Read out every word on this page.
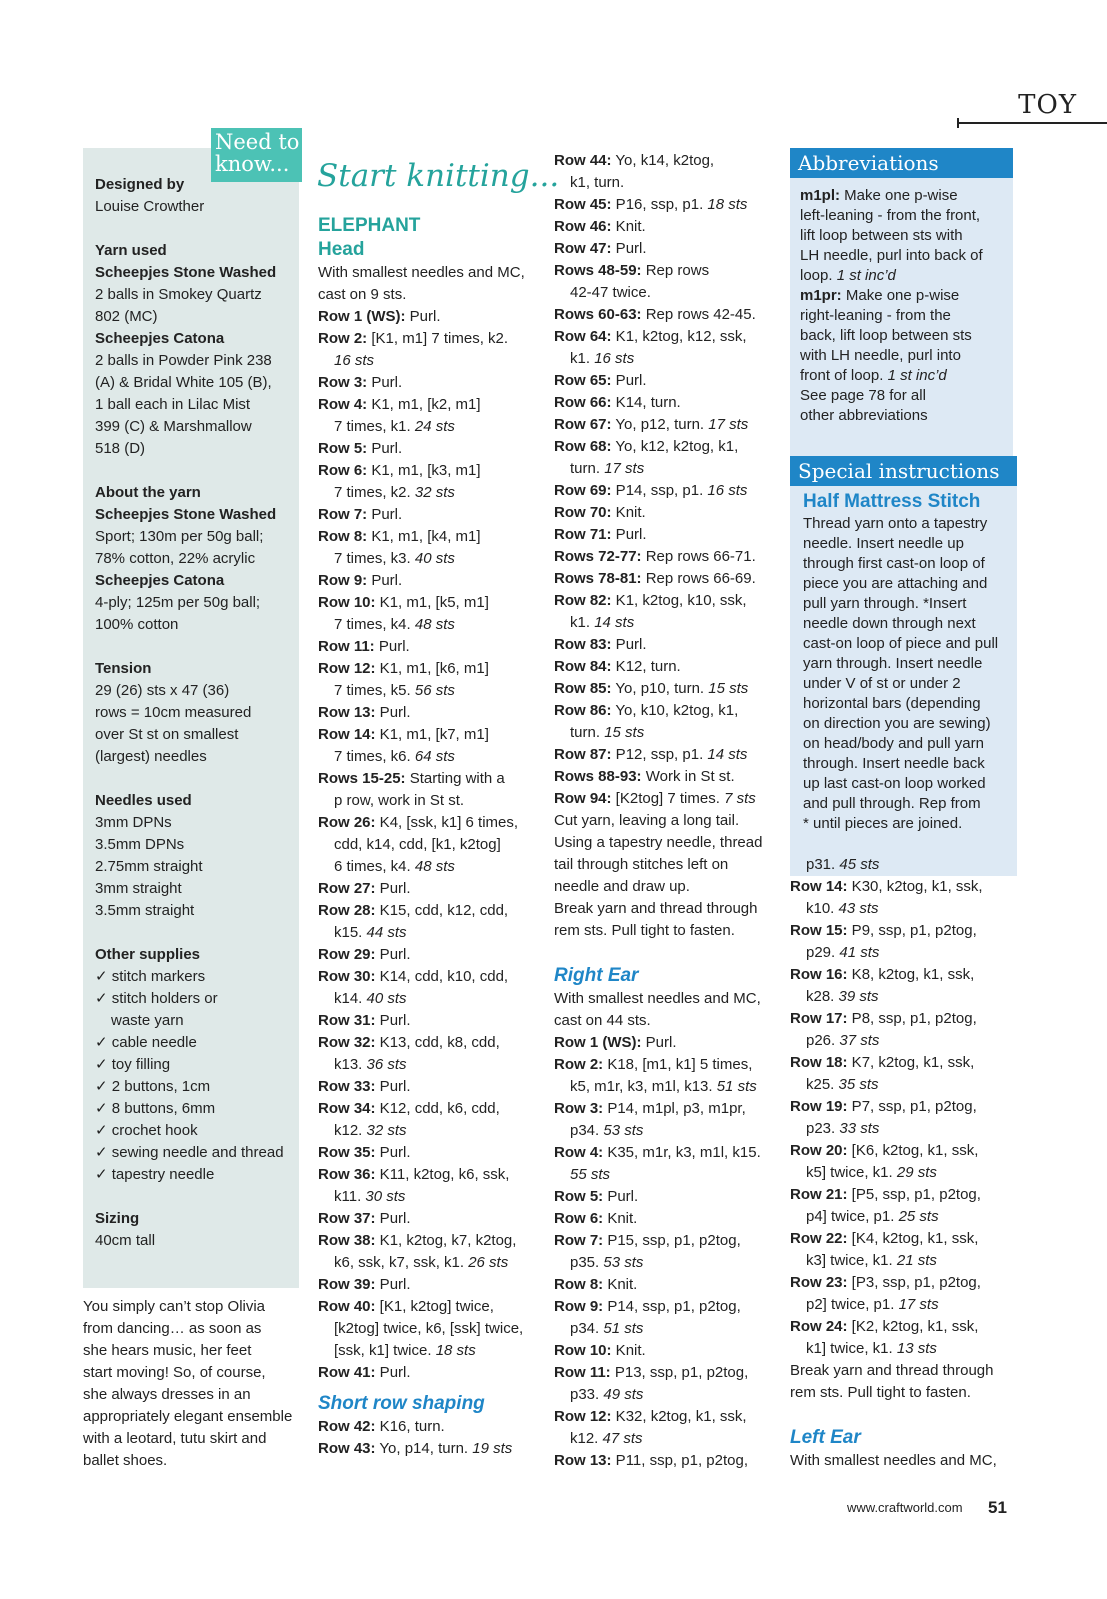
TOY
Need to know...
Designed by
Louise Crowther

Yarn used
Scheepjes Stone Washed
2 balls in Smokey Quartz
802 (MC)
Scheepjes Catona
2 balls in Powder Pink 238
(A) & Bridal White 105 (B),
1 ball each in Lilac Mist
399 (C) & Marshmallow
518 (D)

About the yarn
Scheepjes Stone Washed
Sport; 130m per 50g ball;
78% cotton, 22% acrylic
Scheepjes Catona
4-ply; 125m per 50g ball;
100% cotton

Tension
29 (26) sts x 47 (36)
rows = 10cm measured
over St st on smallest
(largest) needles

Needles used
3mm DPNs
3.5mm DPNs
2.75mm straight
3mm straight
3.5mm straight

Other supplies
✓ stitch markers
✓ stitch holders or
waste yarn
✓ cable needle
✓ toy filling
✓ 2 buttons, 1cm
✓ 8 buttons, 6mm
✓ crochet hook
✓ sewing needle and thread
✓ tapestry needle

Sizing
40cm tall
You simply can’t stop Olivia
from dancing… as soon as
she hears music, her feet
start moving! So, of course,
she always dresses in an
appropriately elegant ensemble
with a leotard, tutu skirt and
ballet shoes.
Start knitting...
ELEPHANT
Head
With smallest needles and MC,
cast on 9 sts.
Row 1 (WS): Purl.
Row 2: [K1, m1] 7 times, k2.
16 sts
Row 3: Purl.
Row 4: K1, m1, [k2, m1]
7 times, k1. 24 sts
Row 5: Purl.
Row 6: K1, m1, [k3, m1]
7 times, k2. 32 sts
Row 7: Purl.
Row 8: K1, m1, [k4, m1]
7 times, k3. 40 sts
Row 9: Purl.
Row 10: K1, m1, [k5, m1]
7 times, k4. 48 sts
Row 11: Purl.
Row 12: K1, m1, [k6, m1]
7 times, k5. 56 sts
Row 13: Purl.
Row 14: K1, m1, [k7, m1]
7 times, k6. 64 sts
Rows 15-25: Starting with a
p row, work in St st.
Row 26: K4, [ssk, k1] 6 times,
cdd, k14, cdd, [k1, k2tog]
6 times, k4. 48 sts
Row 27: Purl.
Row 28: K15, cdd, k12, cdd,
k15. 44 sts
Row 29: Purl.
Row 30: K14, cdd, k10, cdd,
k14. 40 sts
Row 31: Purl.
Row 32: K13, cdd, k8, cdd,
k13. 36 sts
Row 33: Purl.
Row 34: K12, cdd, k6, cdd,
k12. 32 sts
Row 35: Purl.
Row 36: K11, k2tog, k6, ssk,
k11. 30 sts
Row 37: Purl.
Row 38: K1, k2tog, k7, k2tog,
k6, ssk, k7, ssk, k1. 26 sts
Row 39: Purl.
Row 40: [K1, k2tog] twice,
[k2tog] twice, k6, [ssk] twice,
[ssk, k1] twice. 18 sts
Row 41: Purl.
Short row shaping
Row 42: K16, turn.
Row 43: Yo, p14, turn. 19 sts
Row 44: Yo, k14, k2tog,
k1, turn.
Row 45: P16, ssp, p1. 18 sts
Row 46: Knit.
Row 47: Purl.
Rows 48-59: Rep rows
42-47 twice.
Rows 60-63: Rep rows 42-45.
Row 64: K1, k2tog, k12, ssk,
k1. 16 sts
Row 65: Purl.
Row 66: K14, turn.
Row 67: Yo, p12, turn. 17 sts
Row 68: Yo, k12, k2tog, k1,
turn. 17 sts
Row 69: P14, ssp, p1. 16 sts
Row 70: Knit.
Row 71: Purl.
Rows 72-77: Rep rows 66-71.
Rows 78-81: Rep rows 66-69.
Row 82: K1, k2tog, k10, ssk,
k1. 14 sts
Row 83: Purl.
Row 84: K12, turn.
Row 85: Yo, p10, turn. 15 sts
Row 86: Yo, k10, k2tog, k1,
turn. 15 sts
Row 87: P12, ssp, p1. 14 sts
Rows 88-93: Work in St st.
Row 94: [K2tog] 7 times. 7 sts
Cut yarn, leaving a long tail.
Using a tapestry needle, thread
tail through stitches left on
needle and draw up.
Break yarn and thread through
rem sts. Pull tight to fasten.

Right Ear
With smallest needles and MC,
cast on 44 sts.
Row 1 (WS): Purl.
Row 2: K18, [m1, k1] 5 times,
k5, m1r, k3, m1l, k13. 51 sts
Row 3: P14, m1pl, p3, m1pr,
p34. 53 sts
Row 4: K35, m1r, k3, m1l, k15.
55 sts
Row 5: Purl.
Row 6: Knit.
Row 7: P15, ssp, p1, p2tog,
p35. 53 sts
Row 8: Knit.
Row 9: P14, ssp, p1, p2tog,
p34. 51 sts
Row 10: Knit.
Row 11: P13, ssp, p1, p2tog,
p33. 49 sts
Row 12: K32, k2tog, k1, ssk,
k12. 47 sts
Row 13: P11, ssp, p1, p2tog,
Abbreviations
m1pl: Make one p-wise
left-leaning - from the front,
lift loop between sts with
LH needle, purl into back of
loop. 1 st inc’d
m1pr: Make one p-wise
right-leaning - from the
back, lift loop between sts
with LH needle, purl into
front of loop. 1 st inc’d
See page 78 for all
other abbreviations
Special instructions
Half Mattress Stitch
Thread yarn onto a tapestry
needle. Insert needle up
through first cast-on loop of
piece you are attaching and
pull yarn through. *Insert
needle down through next
cast-on loop of piece and pull
yarn through. Insert needle
under V of st or under 2
horizontal bars (depending
on direction you are sewing)
on head/body and pull yarn
through. Insert needle back
up last cast-on loop worked
and pull through. Rep from
* until pieces are joined.
p31. 45 sts
Row 14: K30, k2tog, k1, ssk,
k10. 43 sts
Row 15: P9, ssp, p1, p2tog,
p29. 41 sts
Row 16: K8, k2tog, k1, ssk,
k28. 39 sts
Row 17: P8, ssp, p1, p2tog,
p26. 37 sts
Row 18: K7, k2tog, k1, ssk,
k25. 35 sts
Row 19: P7, ssp, p1, p2tog,
p23. 33 sts
Row 20: [K6, k2tog, k1, ssk,
k5] twice, k1. 29 sts
Row 21: [P5, ssp, p1, p2tog,
p4] twice, p1. 25 sts
Row 22: [K4, k2tog, k1, ssk,
k3] twice, k1. 21 sts
Row 23: [P3, ssp, p1, p2tog,
p2] twice, p1. 17 sts
Row 24: [K2, k2tog, k1, ssk,
k1] twice, k1. 13 sts
Break yarn and thread through
rem sts. Pull tight to fasten.

Left Ear
With smallest needles and MC,
www.craftworld.com 51
